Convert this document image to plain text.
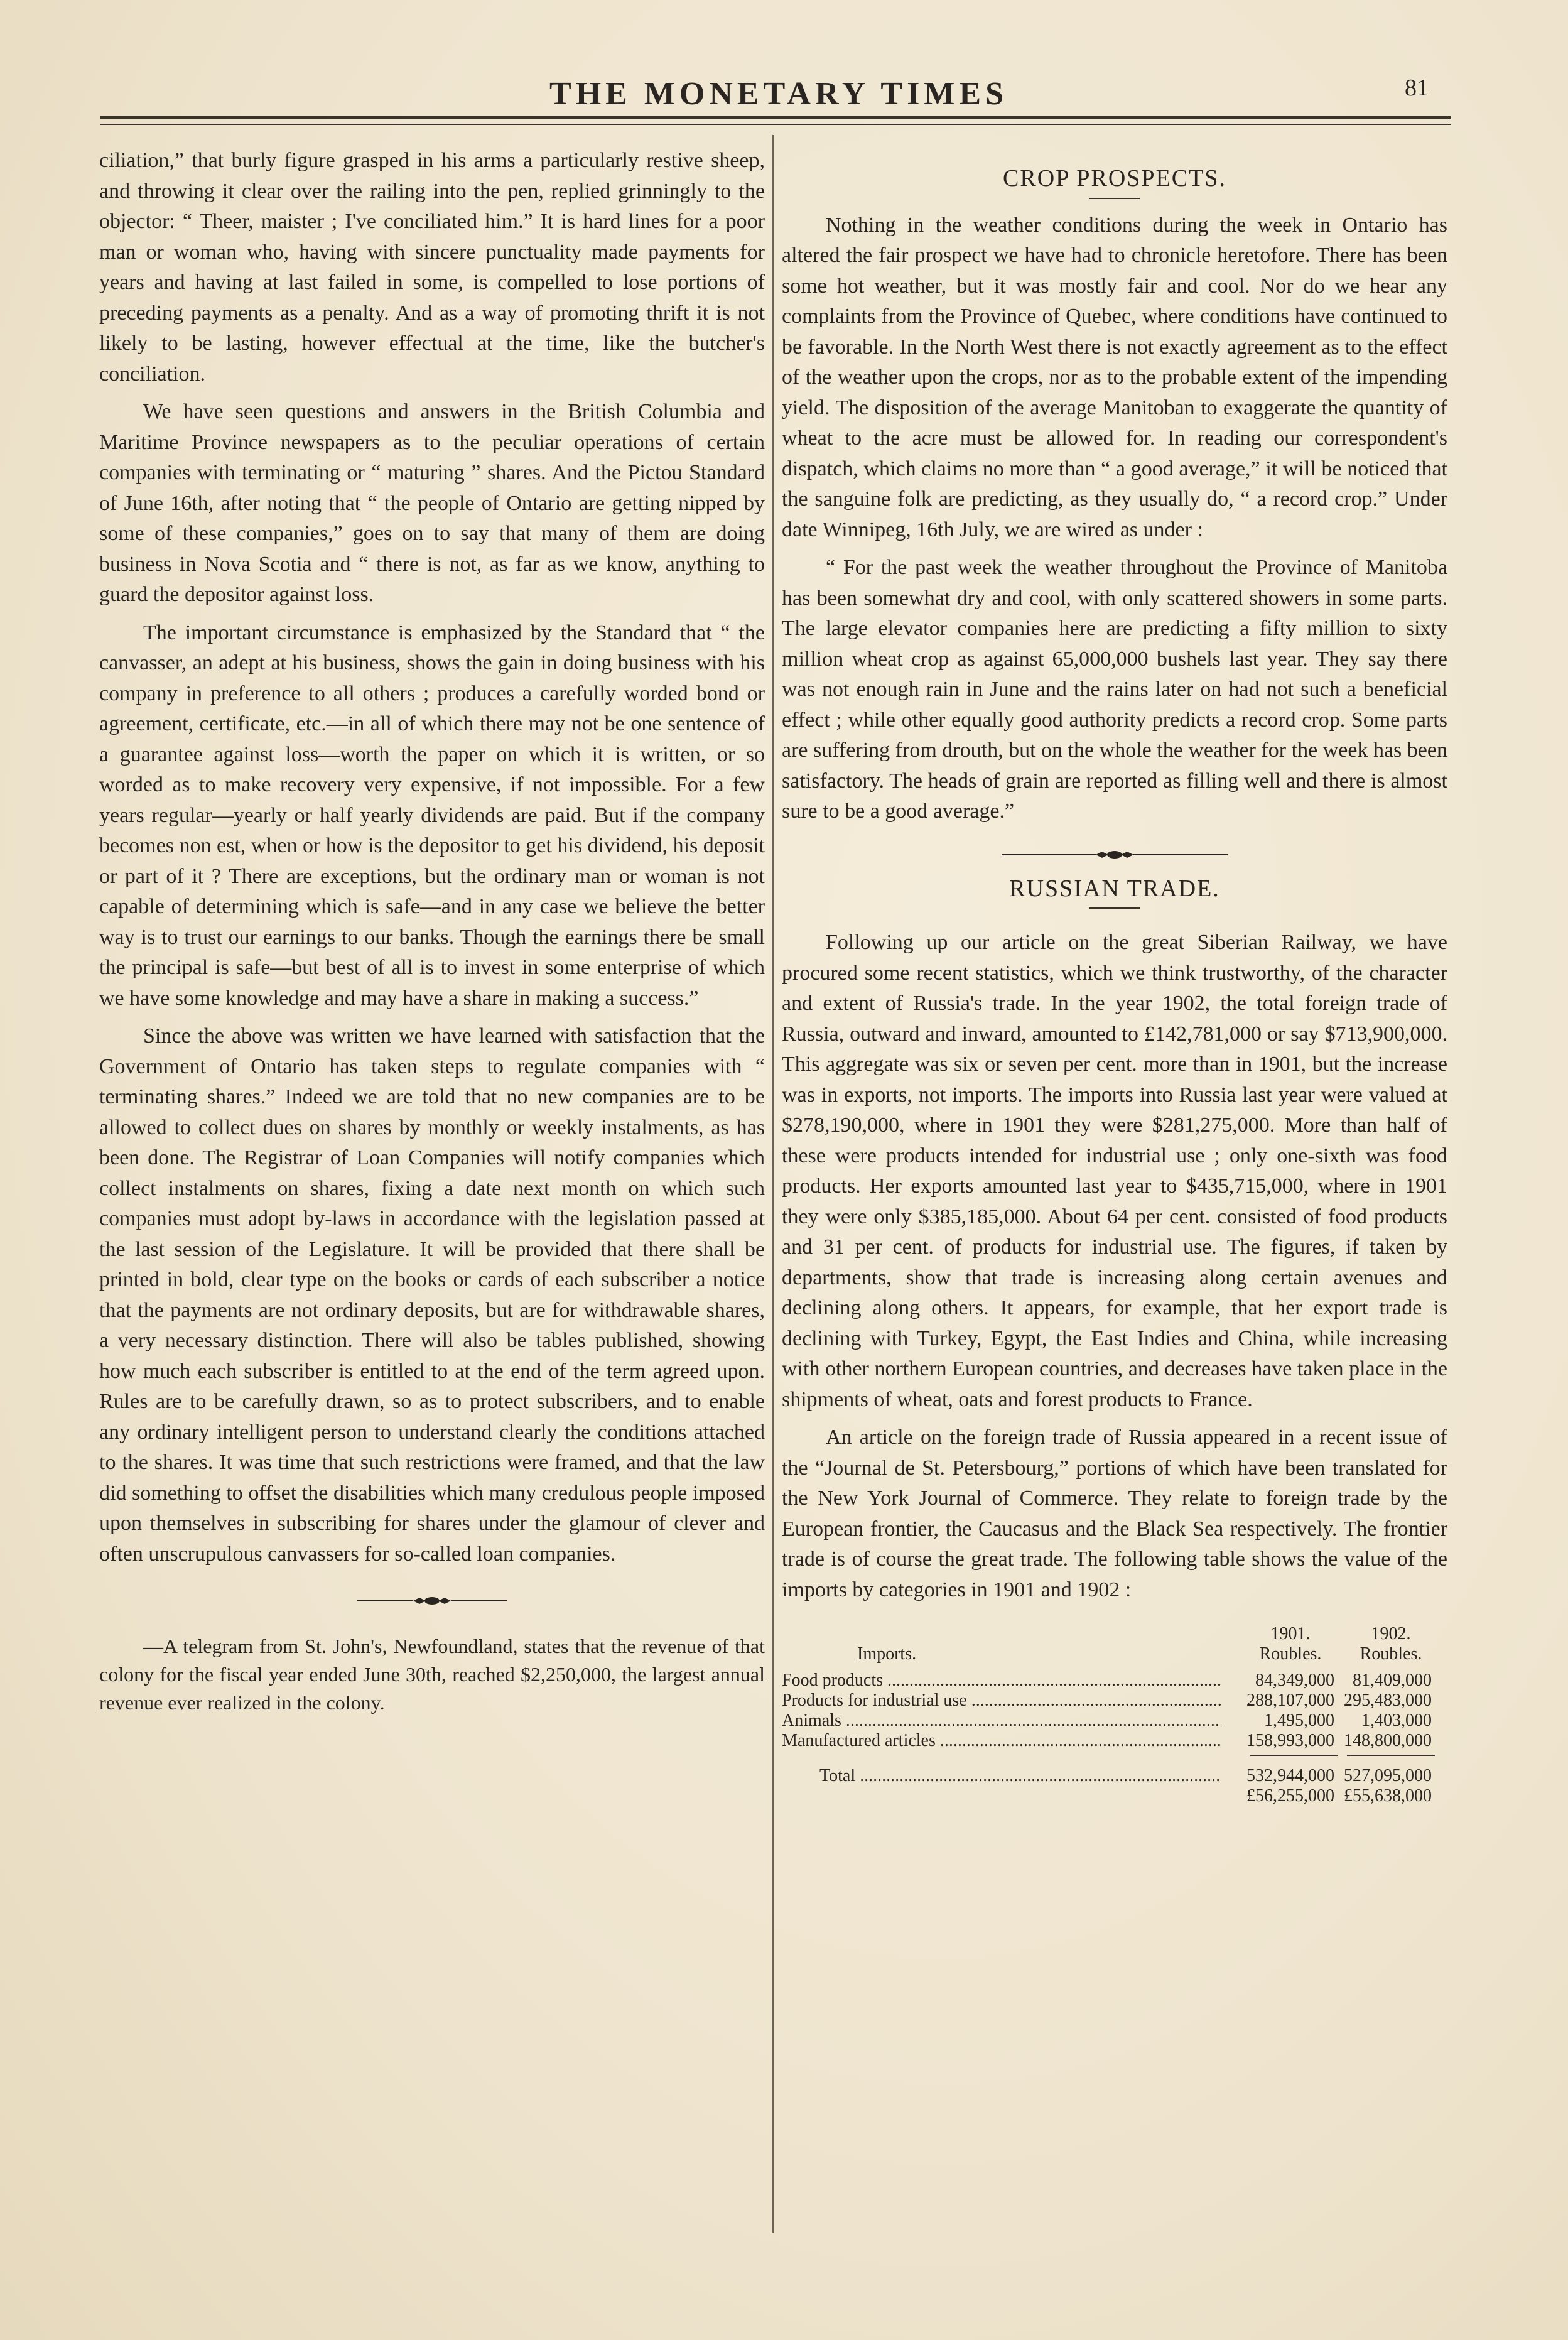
THE MONETARY TIMES	81

ciliation,” that burly figure grasped in his arms a particularly restive sheep, and throwing it clear over the railing into the pen, replied grinningly to the objector: “ Theer, maister ; I've conciliated him.” It is hard lines for a poor man or woman who, having with sincere punctuality made payments for years and having at last failed in some, is compelled to lose portions of preceding payments as a penalty. And as a way of promoting thrift it is not likely to be lasting, however effectual at the time, like the butcher's conciliation.

We have seen questions and answers in the British Columbia and Maritime Province newspapers as to the peculiar operations of certain companies with terminating or “ maturing ” shares. And the Pictou Standard of June 16th, after noting that “ the people of Ontario are getting nipped by some of these companies,” goes on to say that many of them are doing business in Nova Scotia and “ there is not, as far as we know, anything to guard the depositor against loss.

The important circumstance is emphasized by the Standard that “ the canvasser, an adept at his business, shows the gain in doing business with his company in preference to all others ; produces a carefully worded bond or agreement, certificate, etc.—in all of which there may not be one sentence of a guarantee against loss—worth the paper on which it is written, or so worded as to make recovery very expensive, if not impossible. For a few years regular—yearly or half yearly dividends are paid. But if the company becomes non est, when or how is the depositor to get his dividend, his deposit or part of it ? There are exceptions, but the ordinary man or woman is not capable of determining which is safe—and in any case we believe the better way is to trust our earnings to our banks. Though the earnings there be small the principal is safe—but best of all is to invest in some enterprise of which we have some knowledge and may have a share in making a success.”

Since the above was written we have learned with satisfaction that the Government of Ontario has taken steps to regulate companies with “ terminating shares.” Indeed we are told that no new companies are to be allowed to collect dues on shares by monthly or weekly instalments, as has been done. The Registrar of Loan Companies will notify companies which collect instalments on shares, fixing a date next month on which such companies must adopt by-laws in accordance with the legislation passed at the last session of the Legislature. It will be provided that there shall be printed in bold, clear type on the books or cards of each subscriber a notice that the payments are not ordinary deposits, but are for withdrawable shares, a very necessary distinction. There will also be tables published, showing how much each subscriber is entitled to at the end of the term agreed upon. Rules are to be carefully drawn, so as to protect subscribers, and to enable any ordinary intelligent person to understand clearly the conditions attached to the shares. It was time that such restrictions were framed, and that the law did something to offset the disabilities which many credulous people imposed upon themselves in subscribing for shares under the glamour of clever and often unscrupulous canvassers for so-called loan companies.

—A telegram from St. John's, Newfoundland, states that the revenue of that colony for the fiscal year ended June 30th, reached $2,250,000, the largest annual revenue ever realized in the colony.

CROP PROSPECTS.

Nothing in the weather conditions during the week in Ontario has altered the fair prospect we have had to chronicle heretofore. There has been some hot weather, but it was mostly fair and cool. Nor do we hear any complaints from the Province of Quebec, where conditions have continued to be favorable. In the North West there is not exactly agreement as to the effect of the weather upon the crops, nor as to the probable extent of the impending yield. The disposition of the average Manitoban to exaggerate the quantity of wheat to the acre must be allowed for. In reading our correspondent's dispatch, which claims no more than “ a good average,” it will be noticed that the sanguine folk are predicting, as they usually do, “ a record crop.” Under date Winnipeg, 16th July, we are wired as under :

“ For the past week the weather throughout the Province of Manitoba has been somewhat dry and cool, with only scattered showers in some parts. The large elevator companies here are predicting a fifty million to sixty million wheat crop as against 65,000,000 bushels last year. They say there was not enough rain in June and the rains later on had not such a beneficial effect ; while other equally good authority predicts a record crop. Some parts are suffering from drouth, but on the whole the weather for the week has been satisfactory. The heads of grain are reported as filling well and there is almost sure to be a good average.”

RUSSIAN TRADE.

Following up our article on the great Siberian Railway, we have procured some recent statistics, which we think trustworthy, of the character and extent of Russia's trade. In the year 1902, the total foreign trade of Russia, outward and inward, amounted to £142,781,000 or say $713,900,000. This aggregate was six or seven per cent. more than in 1901, but the increase was in exports, not imports. The imports into Russia last year were valued at $278,190,000, where in 1901 they were $281,275,000. More than half of these were products intended for industrial use ; only one-sixth was food products. Her exports amounted last year to $435,715,000, where in 1901 they were only $385,185,000. About 64 per cent. consisted of food products and 31 per cent. of products for industrial use. The figures, if taken by departments, show that trade is increasing along certain avenues and declining along others. It appears, for example, that her export trade is declining with Turkey, Egypt, the East Indies and China, while increasing with other northern European countries, and decreases have taken place in the shipments of wheat, oats and forest products to France.

An article on the foreign trade of Russia appeared in a recent issue of the “Journal de St. Petersbourg,” portions of which have been translated for the New York Journal of Commerce. They relate to foreign trade by the European frontier, the Caucasus and the Black Sea respectively. The frontier trade is of course the great trade. The following table shows the value of the imports by categories in 1901 and 1902 :

Imports.
1901.	1902.
Roubles.	Roubles.
Food products .....	84,349,000	81,409,000
Products for industrial use .....	288,107,000 295,483,000
Animals .....	1,495,000	1,403,000
Manufactured articles .....	158,993,000 148,800,000
Total .....	532,944,000 527,095,000
£56,255,000 £55,638,000
